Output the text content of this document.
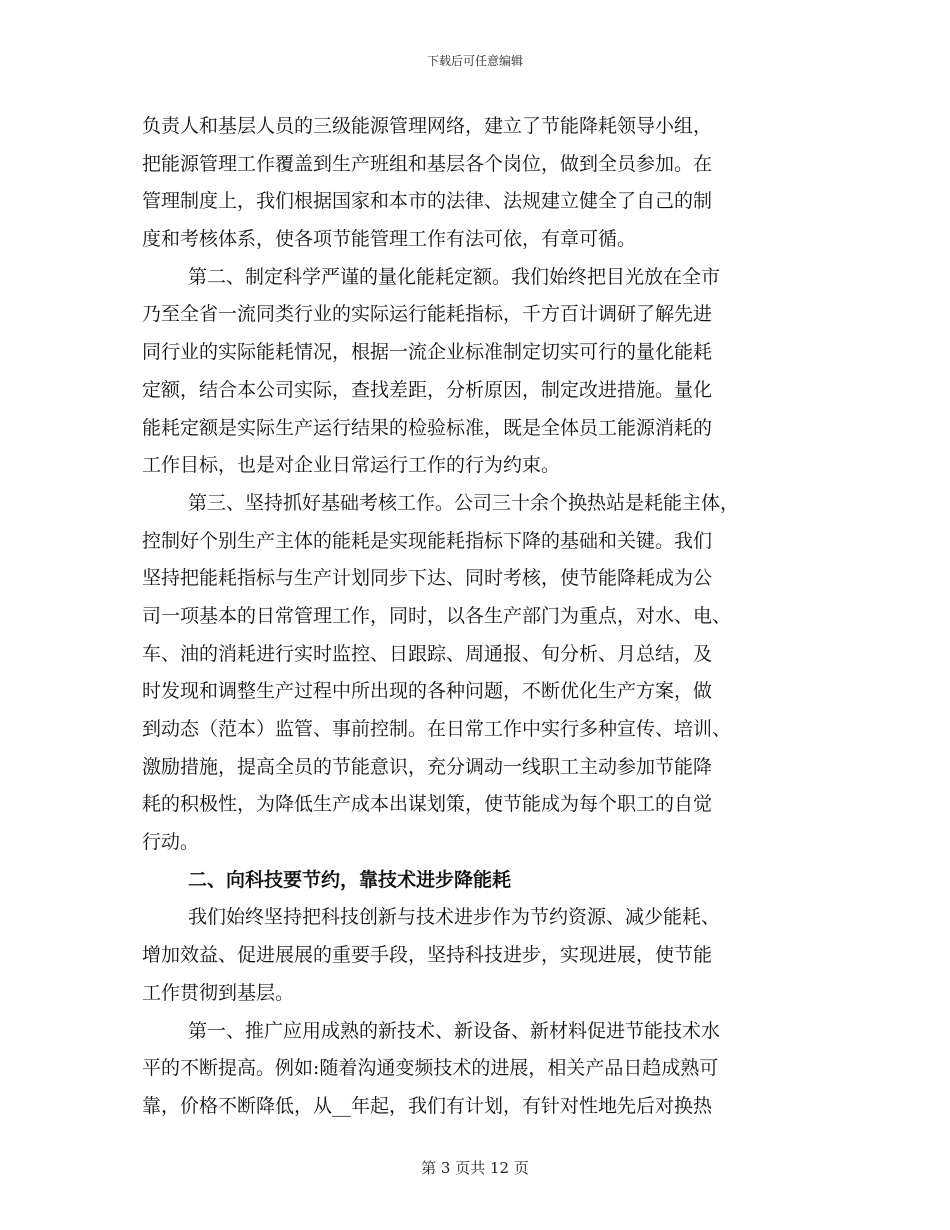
下载后可任意编辑
负责人和基层人员的三级能源管理网络，建立了节能降耗领导小组，
把能源管理工作覆盖到生产班组和基层各个岗位，做到全员参加。在
管理制度上，我们根据国家和本市的法律、法规建立健全了自己的制
度和考核体系，使各项节能管理工作有法可依，有章可循。
第二、制定科学严谨的量化能耗定额。我们始终把目光放在全市
乃至全省一流同类行业的实际运行能耗指标，千方百计调研了解先进
同行业的实际能耗情况，根据一流企业标准制定切实可行的量化能耗
定额，结合本公司实际，查找差距，分析原因，制定改进措施。量化
能耗定额是实际生产运行结果的检验标准，既是全体员工能源消耗的
工作目标，也是对企业日常运行工作的行为约束。
第三、坚持抓好基础考核工作。公司三十余个换热站是耗能主体，
控制好个别生产主体的能耗是实现能耗指标下降的基础和关键。我们
坚持把能耗指标与生产计划同步下达、同时考核，使节能降耗成为公
司一项基本的日常管理工作，同时，以各生产部门为重点，对水、电、
车、油的消耗进行实时监控、日跟踪、周通报、旬分析、月总结，及
时发现和调整生产过程中所出现的各种问题，不断优化生产方案，做
到动态（范本）监管、事前控制。在日常工作中实行多种宣传、培训、
激励措施，提高全员的节能意识，充分调动一线职工主动参加节能降
耗的积极性，为降低生产成本出谋划策，使节能成为每个职工的自觉
行动。
二、向科技要节约，靠技术进步降能耗
我们始终坚持把科技创新与技术进步作为节约资源、减少能耗、
增加效益、促进展展的重要手段，坚持科技进步，实现进展，使节能
工作贯彻到基层。
第一、推广应用成熟的新技术、新设备、新材料促进节能技术水
平的不断提高。例如:随着沟通变频技术的进展，相关产品日趋成熟可
靠，价格不断降低，从__年起，我们有计划，有针对性地先后对换热
第 3 页共 12 页
